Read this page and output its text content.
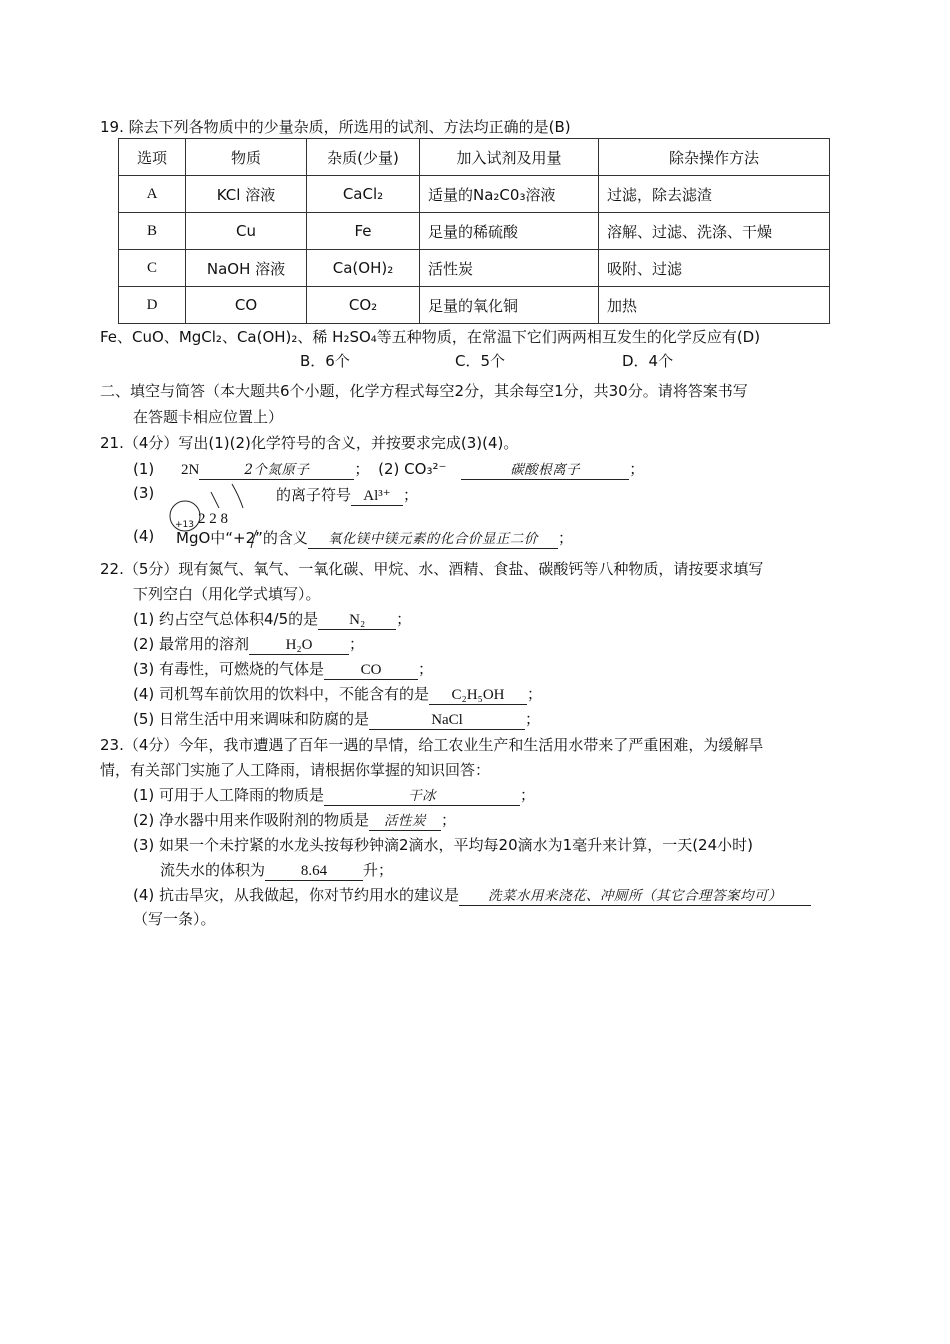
19. 除去下列各物质中的少量杂质，所选用的试剂、方法均正确的是(B)
选项	物质	杂质(少量)	加入试剂及用量	除杂操作方法
A	KCl 溶液	CaCl₂	适量的Na₂C0₃溶液	过滤，除去滤渣
B	Cu	Fe	足量的稀硫酸	溶解、过滤、洗涤、干燥
C	NaOH 溶液	Ca(OH)₂	活性炭	吸附、过滤
D	CO	CO₂	足量的氧化铜	加热
Fe、CuO、MgCl₂、Ca(OH)₂、稀 H₂SO₄等五种物质，在常温下它们两两相互发生的化学反应有(D)
B．6个	C．5个	D．4个
二、填空与简答（本大题共6个小题，化学方程式每空2分，其余每空1分，共30分。请将答案书写
在答题卡相应位置上）
21.（4分）写出(1)(2)化学符号的含义，并按要求完成(3)(4)。
(1) 2N	2个氮原子	； (2) CO₃²⁻	碳酸根离子	；
(3)	的离子符号 Al³⁺ ；
+13 2 2 8
(4) MgO中“+2”的含义 氧化镁中镁元素的化合价显正二价 ；
22.（5分）现有氮气、氧气、一氧化碳、甲烷、水、酒精、食盐、碳酸钙等八种物质，请按要求填写
下列空白（用化学式填写）。
(1) 约占空气总体积4/5的是 N₂ ；
(2) 最常用的溶剂 H₂O ；
(3) 有毒性，可燃烧的气体是 CO ；
(4) 司机驾车前饮用的饮料中，不能含有的是 C₂H₅OH ；
(5) 日常生活中用来调味和防腐的是	NaCl	；
23.（4分）今年，我市遭遇了百年一遇的旱情，给工农业生产和生活用水带来了严重困难，为缓解旱
情，有关部门实施了人工降雨，请根据你掌握的知识回答：
(1) 可用于人工降雨的物质是	干冰	；
(2) 净水器中用来作吸附剂的物质是 活性炭 ；
(3) 如果一个未拧紧的水龙头按每秒钟滴2滴水，平均每20滴水为1毫升来计算，一天(24小时)
流失水的体积为 8.64 升；
(4) 抗击旱灾，从我做起，你对节约用水的建议是 洗菜水用来浇花、冲厕所（其它合理答案均可）
（写一条）。
